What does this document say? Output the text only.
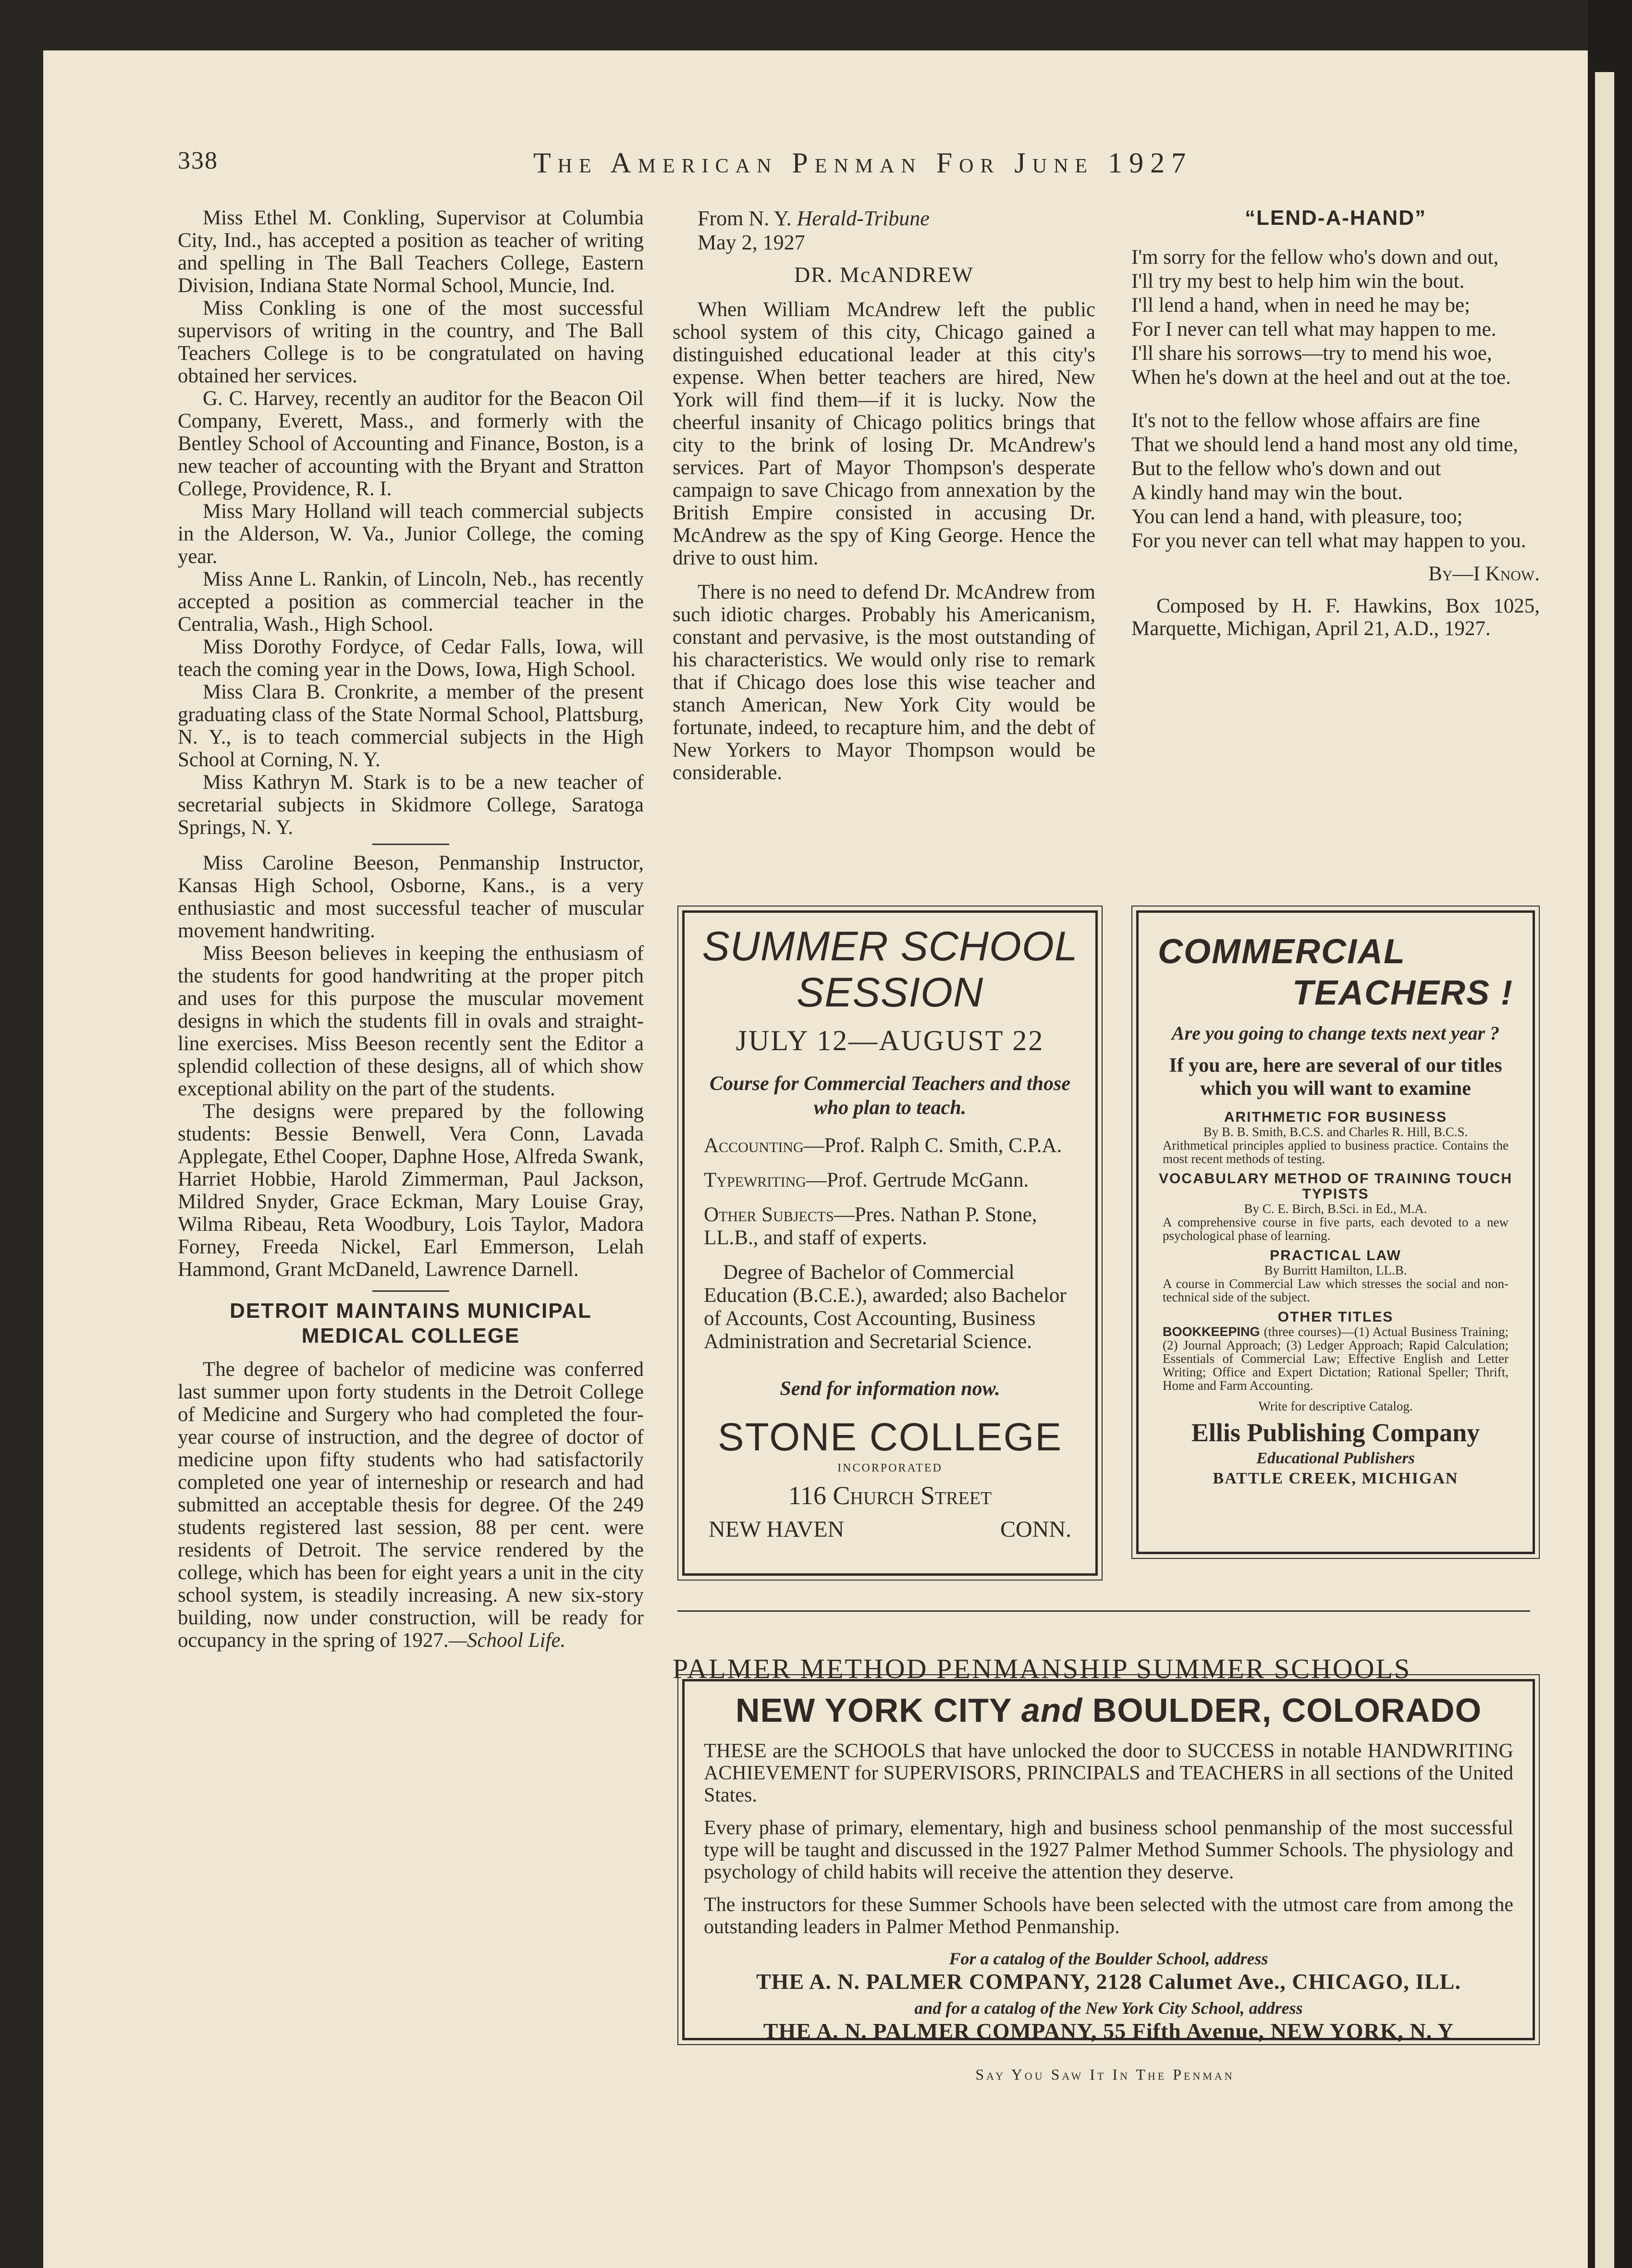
338	The American Penman For June 1927

Miss Ethel M. Conkling, Supervisor at Columbia City, Ind., has accepted a position as teacher of writing and spelling in The Ball Teachers College, Eastern Division, Indiana State Normal School, Muncie, Ind.

Miss Conkling is one of the most successful supervisors of writing in the country, and The Ball Teachers College is to be congratulated on having obtained her services.

G. C. Harvey, recently an auditor for the Beacon Oil Company, Everett, Mass., and formerly with the Bentley School of Accounting and Finance, Boston, is a new teacher of accounting with the Bryant and Stratton College, Providence, R. I.

Miss Mary Holland will teach commercial subjects in the Alderson, W. Va., Junior College, the coming year.

Miss Anne L. Rankin, of Lincoln, Neb., has recently accepted a position as commercial teacher in the Centralia, Wash., High School.

Miss Dorothy Fordyce, of Cedar Falls, Iowa, will teach the coming year in the Dows, Iowa, High School.

Miss Clara B. Cronkrite, a member of the present graduating class of the State Normal School, Plattsburg, N. Y., is to teach commercial subjects in the High School at Corning, N. Y.

Miss Kathryn M. Stark is to be a new teacher of secretarial subjects in Skidmore College, Saratoga Springs, N. Y.

Miss Caroline Beeson, Penmanship Instructor, Kansas High School, Osborne, Kans., is a very enthusiastic and most successful teacher of muscular movement handwriting.

Miss Beeson believes in keeping the enthusiasm of the students for good handwriting at the proper pitch and uses for this purpose the muscular movement designs in which the students fill in ovals and straight-line exercises. Miss Beeson recently sent the Editor a splendid collection of these designs, all of which show exceptional ability on the part of the students.

The designs were prepared by the following students: Bessie Benwell, Vera Conn, Lavada Applegate, Ethel Cooper, Daphne Hose, Alfreda Swank, Harriet Hobbie, Harold Zimmerman, Paul Jackson, Mildred Snyder, Grace Eckman, Mary Louise Gray, Wilma Ribeau, Reta Woodbury, Lois Taylor, Madora Forney, Freeda Nickel, Earl Emmerson, Lelah Hammond, Grant McDaneld, Lawrence Darnell.

DETROIT MAINTAINS MUNICIPAL MEDICAL COLLEGE

The degree of bachelor of medicine was conferred last summer upon forty students in the Detroit College of Medicine and Surgery who had completed the four-year course of instruction, and the degree of doctor of medicine upon fifty students who had satisfactorily completed one year of interneship or research and had submitted an acceptable thesis for degree. Of the 249 students registered last session, 88 per cent. were residents of Detroit. The service rendered by the college, which has been for eight years a unit in the city school system, is steadily increasing. A new six-story building, now under construction, will be ready for occupancy in the spring of 1927.—School Life.

From N. Y. Herald-Tribune

May 2, 1927

DR. McANDREW

When William McAndrew left the public school system of this city, Chicago gained a distinguished educational leader at this city's expense. When better teachers are hired, New York will find them—if it is lucky. Now the cheerful insanity of Chicago politics brings that city to the brink of losing Dr. McAndrew's services. Part of Mayor Thompson's desperate campaign to save Chicago from annexation by the British Empire consisted in accusing Dr. McAndrew as the spy of King George. Hence the drive to oust him.

There is no need to defend Dr. McAndrew from such idiotic charges. Probably his Americanism, constant and pervasive, is the most outstanding of his characteristics. We would only rise to remark that if Chicago does lose this wise teacher and stanch American, New York City would be fortunate, indeed, to recapture him, and the debt of New Yorkers to Mayor Thompson would be considerable.

“LEND-A-HAND”

I'm sorry for the fellow who's down and out,

I'll try my best to help him win the bout.

I'll lend a hand, when in need he may be;

For I never can tell what may happen to me.

I'll share his sorrows—try to mend his woe,

When he's down at the heel and out at the toe.

It's not to the fellow whose affairs are fine

That we should lend a hand most any old time,

But to the fellow who's down and out

A kindly hand may win the bout.

You can lend a hand, with pleasure, too;

For you never can tell what may happen to you.

By—I Know.

Composed by H. F. Hawkins, Box 1025, Marquette, Michigan, April 21, A.D., 1927.

SUMMER SCHOOL
SESSION
JULY 12—AUGUST 22
Course for Commercial Teachers and those who plan to teach.
Accounting—Prof. Ralph C. Smith, C.P.A.
Typewriting—Prof. Gertrude McGann.
Other Subjects—Pres. Nathan P. Stone, LL.B., and staff of experts.
Degree of Bachelor of Commercial Education (B.C.E.), awarded; also Bachelor of Accounts, Cost Accounting, Business Administration and Secretarial Science.
Send for information now.
STONE COLLEGE
INCORPORATED
116 Church Street
NEW HAVEN	CONN.
COMMERCIAL
TEACHERS !
Are you going to change texts next year ?
If you are, here are several of our titles which you will want to examine
ARITHMETIC FOR BUSINESS
By B. B. Smith, B.C.S. and Charles R. Hill, B.C.S.
Arithmetical principles applied to business practice. Contains the most recent methods of testing.
VOCABULARY METHOD OF TRAINING TOUCH TYPISTS
By C. E. Birch, B.Sci. in Ed., M.A.
A comprehensive course in five parts, each devoted to a new psychological phase of learning.
PRACTICAL LAW
By Burritt Hamilton, LL.B.
A course in Commercial Law which stresses the social and non-technical side of the subject.
OTHER TITLES
BOOKKEEPING (three courses)—(1) Actual Business Training; (2) Journal Approach; (3) Ledger Approach; Rapid Calculation; Essentials of Commercial Law; Effective English and Letter Writing; Office and Expert Dictation; Rational Speller; Thrift, Home and Farm Accounting.
Write for descriptive Catalog.
Ellis Publishing Company
Educational Publishers
BATTLE CREEK, MICHIGAN
PALMER METHOD PENMANSHIP SUMMER SCHOOLS
NEW YORK CITY and BOULDER, COLORADO
THESE are the SCHOOLS that have unlocked the door to SUCCESS in notable HANDWRITING ACHIEVEMENT for SUPERVISORS, PRINCIPALS and TEACHERS in all sections of the United States.
Every phase of primary, elementary, high and business school penmanship of the most successful type will be taught and discussed in the 1927 Palmer Method Summer Schools. The physiology and psychology of child habits will receive the attention they deserve.
The instructors for these Summer Schools have been selected with the utmost care from among the outstanding leaders in Palmer Method Penmanship.
For a catalog of the Boulder School, address
THE A. N. PALMER COMPANY, 2128 Calumet Ave., CHICAGO, ILL.
and for a catalog of the New York City School, address
THE A. N. PALMER COMPANY, 55 Fifth Avenue, NEW YORK, N. Y
Say You Saw It In The Penman
